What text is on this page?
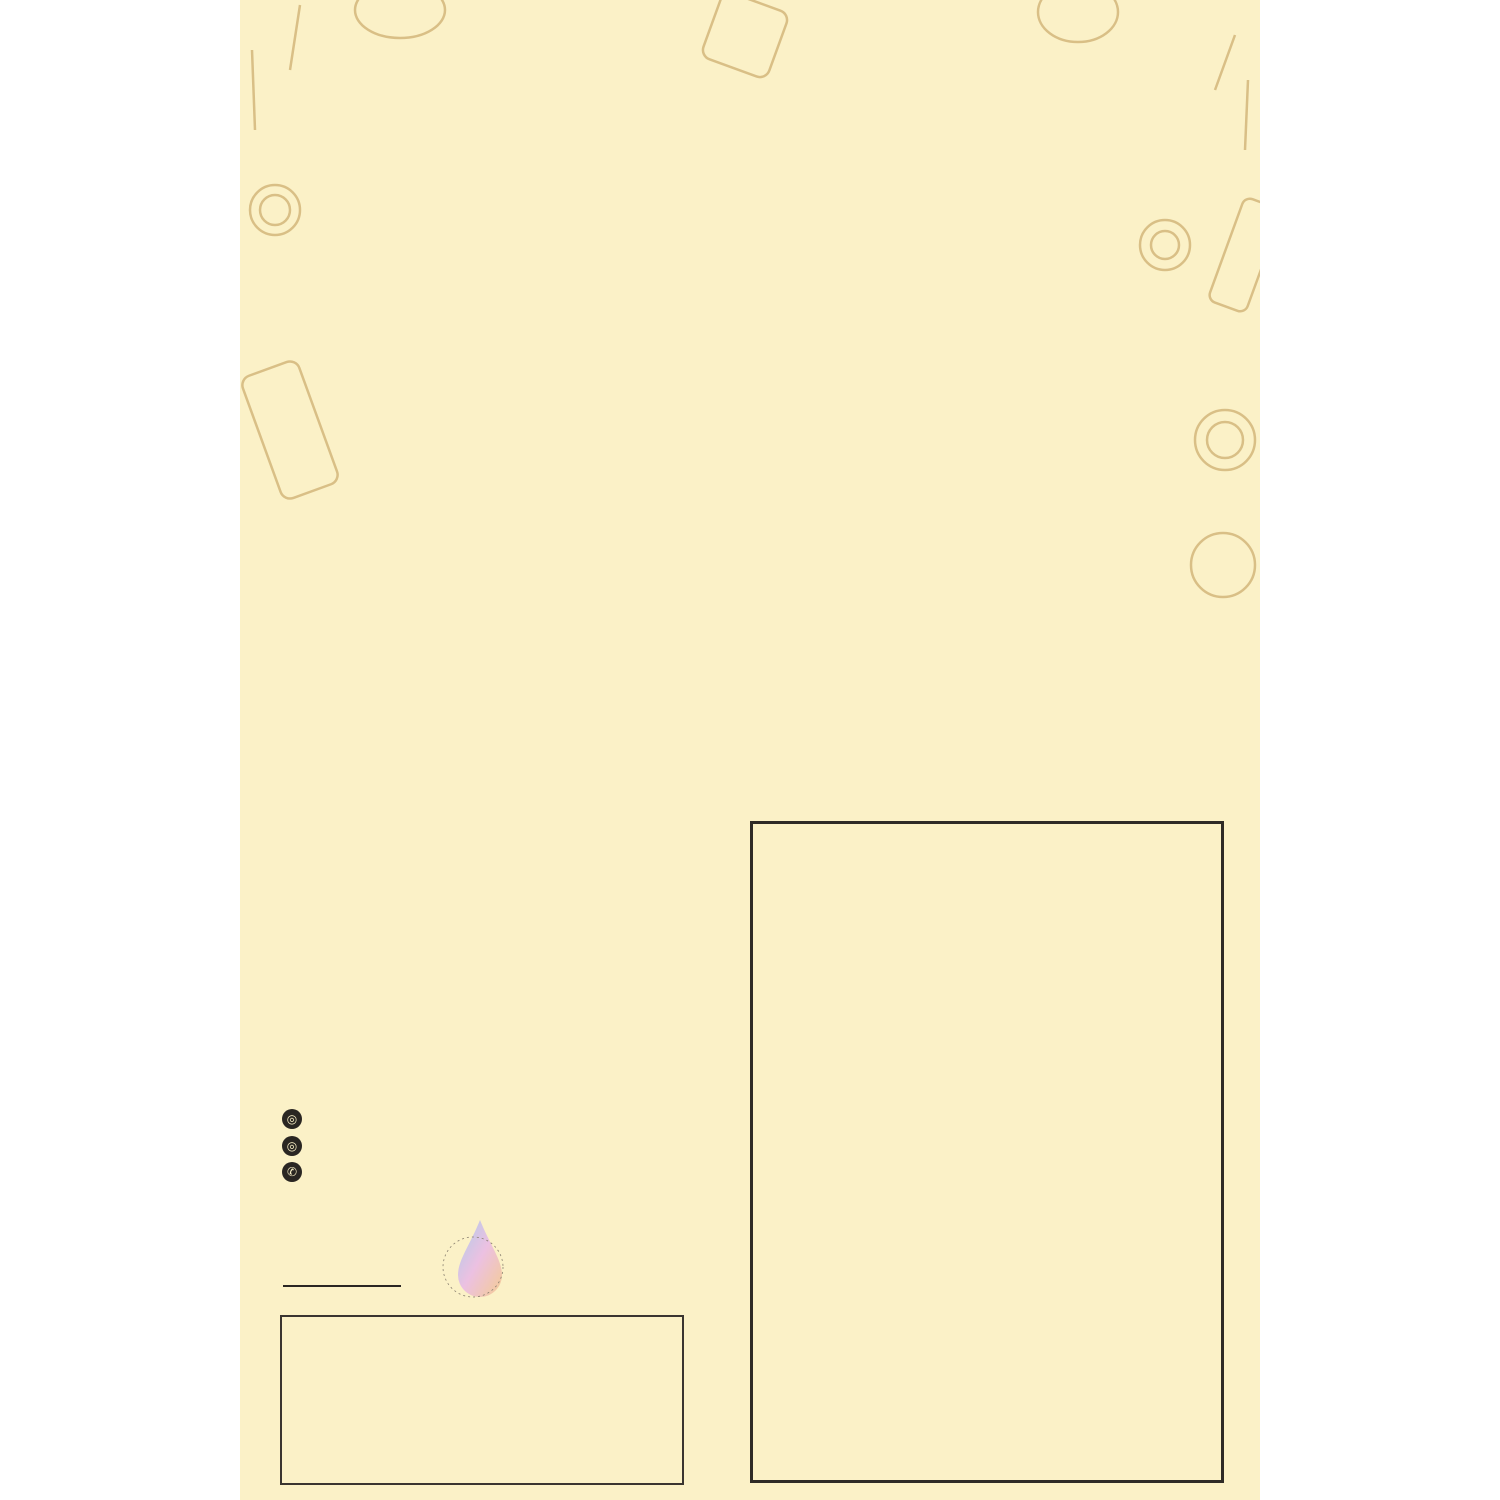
◎
◎
✆
